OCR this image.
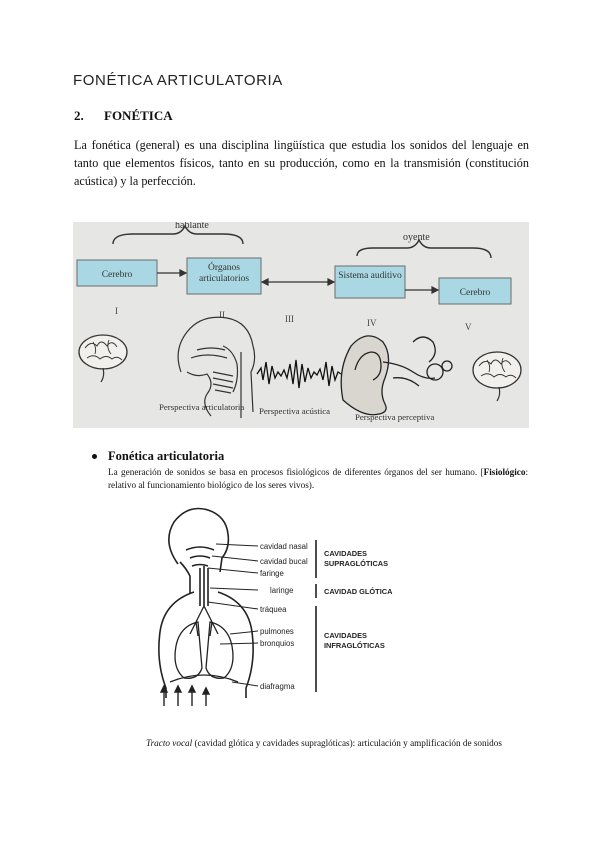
FONÉTICA ARTICULATORIA
2. FONÉTICA

La fonética (general) es una disciplina lingüística que estudia los sonidos del lenguaje en tanto que elementos físicos, tanto en su producción, como en la transmisión (constitución acústica) y la perfección.

hablante
oyente
Cerebro
Órganos articulatorios	Sistema auditivo
Cerebro
I	II	III	IV	V
Perspectiva articulatoria Perspectiva acústica
Perspectiva perceptiva
Fonética articulatoria

La generación de sonidos se basa en procesos fisiológicos de diferentes órganos del ser humano. [Fisiológico: relativo al funcionamiento biológico de los seres vivos).

cavidad nasal
cavidad bucal
faringe
laringe
tráquea
pulmones
bronquios
diafragma
CAVIDADES
SUPRAGLÓTICAS
CAVIDAD GLÓTICA
CAVIDADES
INFRAGLÓTICAS

Tracto vocal (cavidad glótica y cavidades supraglóticas): articulación y amplificación de sonidos
